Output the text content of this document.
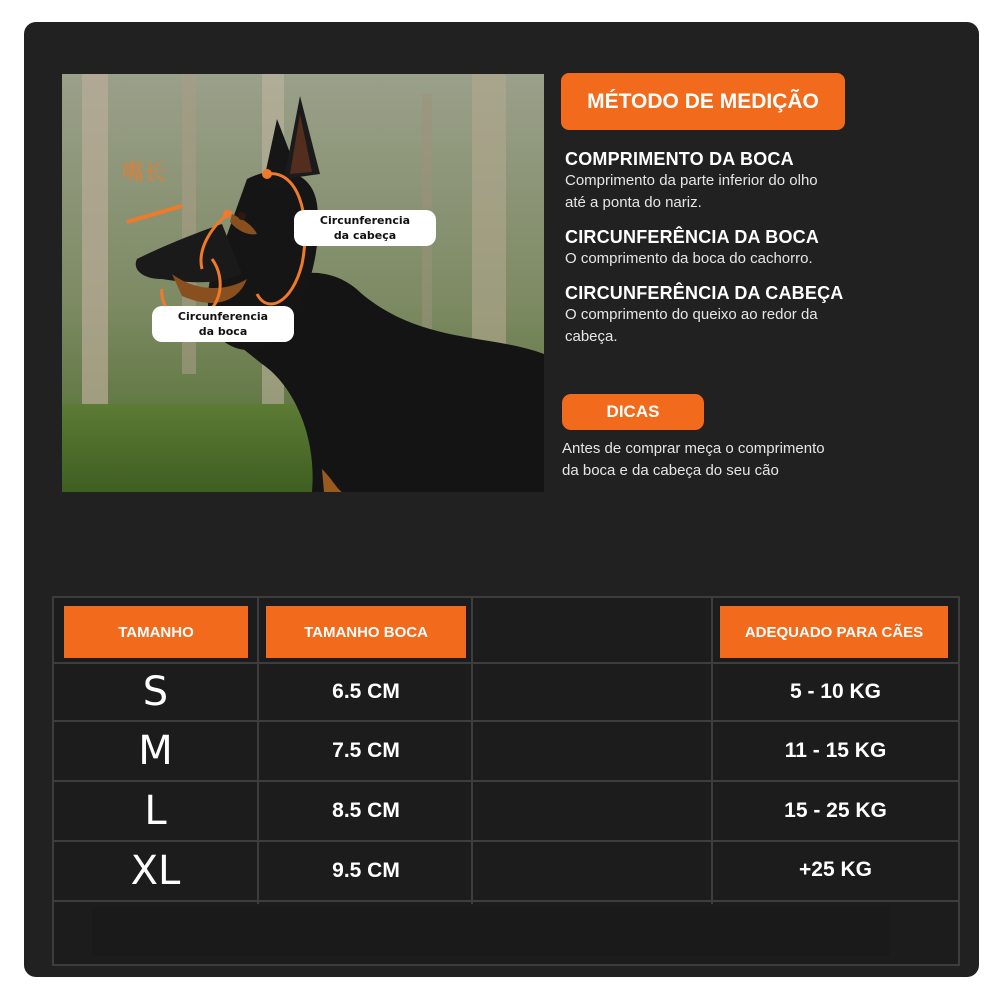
嘴长
Circunferencia
da cabeça
Circunferencia
da boca
MÉTODO DE MEDIÇÃO
COMPRIMENTO DA BOCA

Comprimento da parte inferior do olho

até a ponta do nariz.

CIRCUNFERÊNCIA DA BOCA

O comprimento da boca do cachorro.

CIRCUNFERÊNCIA DA CABEÇA

O comprimento do queixo ao redor da

cabeça.

DICAS
Antes de comprar meça o comprimento
da boca e da cabeça do seu cão
TAMANHO	TAMANHO BOCA	ADEQUADO PARA CÃES
S	6.5 CM	5 - 10 KG
M	7.5 CM	11 - 15 KG
L	8.5 CM	15 - 25 KG
XL	9.5 CM	+25 KG
